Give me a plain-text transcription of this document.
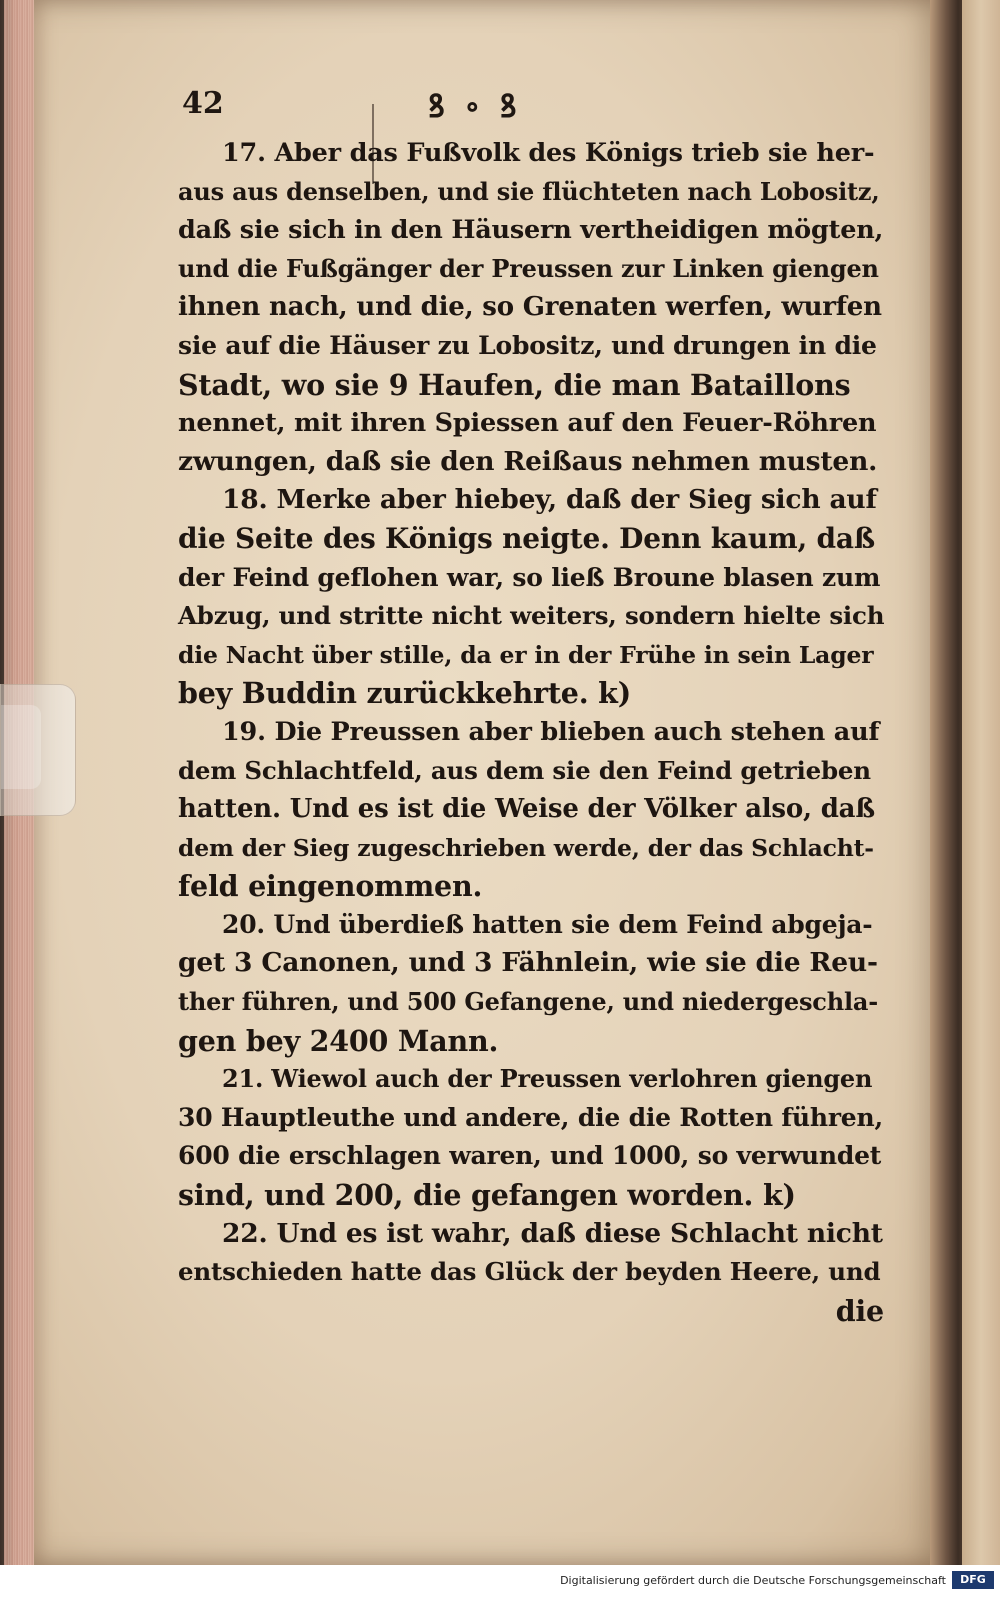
42	ꝸ ∘ ꝸ
17. Aber das Fußvolk des Königs trieb sie her-
aus aus denselben, und sie flüchteten nach Lobositz,
daß sie sich in den Häusern vertheidigen mögten,
und die Fußgänger der Preussen zur Linken giengen
ihnen nach, und die, so Grenaten werfen, wurfen
sie auf die Häuser zu Lobositz, und drungen in die
Stadt, wo sie 9 Haufen, die man Bataillons
nennet, mit ihren Spiessen auf den Feuer-Röhren
zwungen, daß sie den Reißaus nehmen musten.
18. Merke aber hiebey, daß der Sieg sich auf
die Seite des Königs neigte. Denn kaum, daß
der Feind geflohen war, so ließ Broune blasen zum
Abzug, und stritte nicht weiters, sondern hielte sich
die Nacht über stille, da er in der Frühe in sein Lager
bey Buddin zurückkehrte. k)
19. Die Preussen aber blieben auch stehen auf
dem Schlachtfeld, aus dem sie den Feind getrieben
hatten. Und es ist die Weise der Völker also, daß
dem der Sieg zugeschrieben werde, der das Schlacht-
feld eingenommen.
20. Und überdieß hatten sie dem Feind abgeja-
get 3 Canonen, und 3 Fähnlein, wie sie die Reu-
ther führen, und 500 Gefangene, und niedergeschla-
gen bey 2400 Mann.
21. Wiewol auch der Preussen verlohren giengen
30 Hauptleuthe und andere, die die Rotten führen,
600 die erschlagen waren, und 1000, so verwundet
sind, und 200, die gefangen worden. k)
22. Und es ist wahr, daß diese Schlacht nicht
entschieden hatte das Glück der beyden Heere, und
die
Digitalisierung gefördert durch die Deutsche Forschungsgemeinschaft	DFG
